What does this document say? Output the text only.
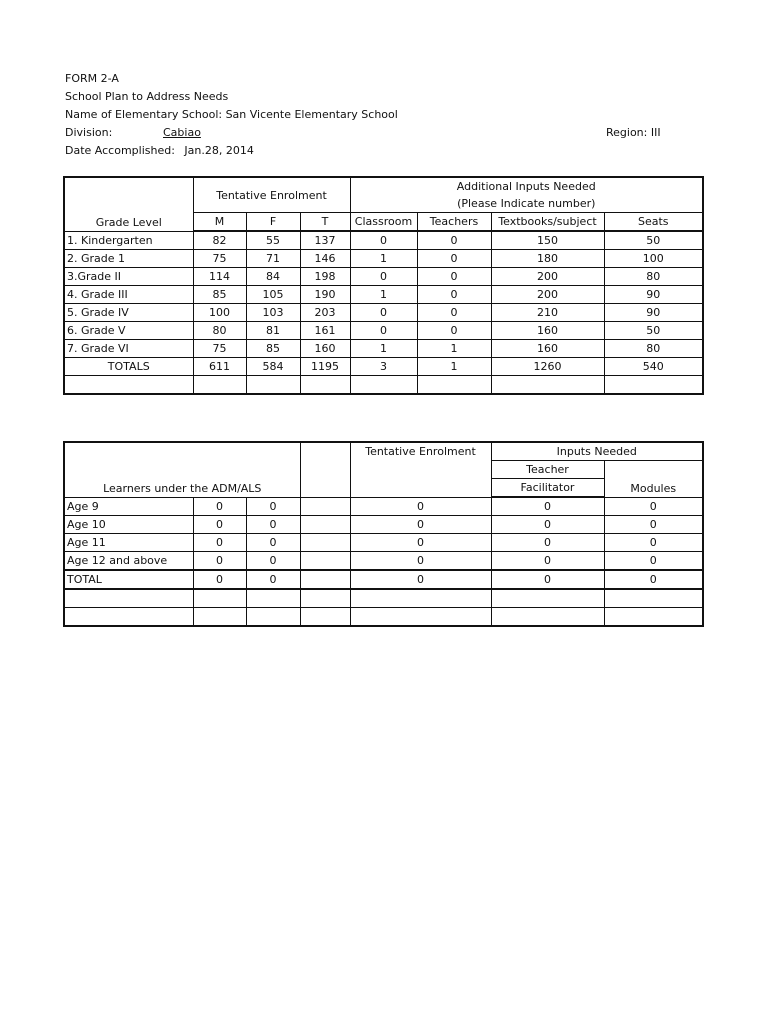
FORM 2-A
School Plan to Address Needs
Name of Elementary School: San Vicente Elementary School
Division:	Cabiao	Region: III
Date Accomplished: Jan.28, 2014
Grade Level	Tentative Enrolment			Additional Inputs Needed
(Please Indicate number)			

	M	F	T	Classroom	Teachers	Textbooks/subject	Seats
1. Kindergarten	82	55	137	0	0	150	50
2. Grade 1	75	71	146	1	0	180	100
3.Grade II	114	84	198	0	0	200	80
4. Grade III	85	105	190	1	0	200	90
5. Grade IV	100	103	203	0	0	210	90
6. Grade V	80	81	161	0	0	160	50
7. Grade VI	75	85	160	1	1	160	80
TOTALS	611	584	1195	3	1	1260	540

Learners under the ADM/ALS				Tentative Enrolment	Inputs Needed	
					Teacher	Modules
					Facilitator	
Age 9	0	0		0	0	0
Age 10	0	0		0	0	0
Age 11	0	0		0	0	0
Age 12 and above	0	0		0	0	0
TOTAL	0	0		0	0	0
